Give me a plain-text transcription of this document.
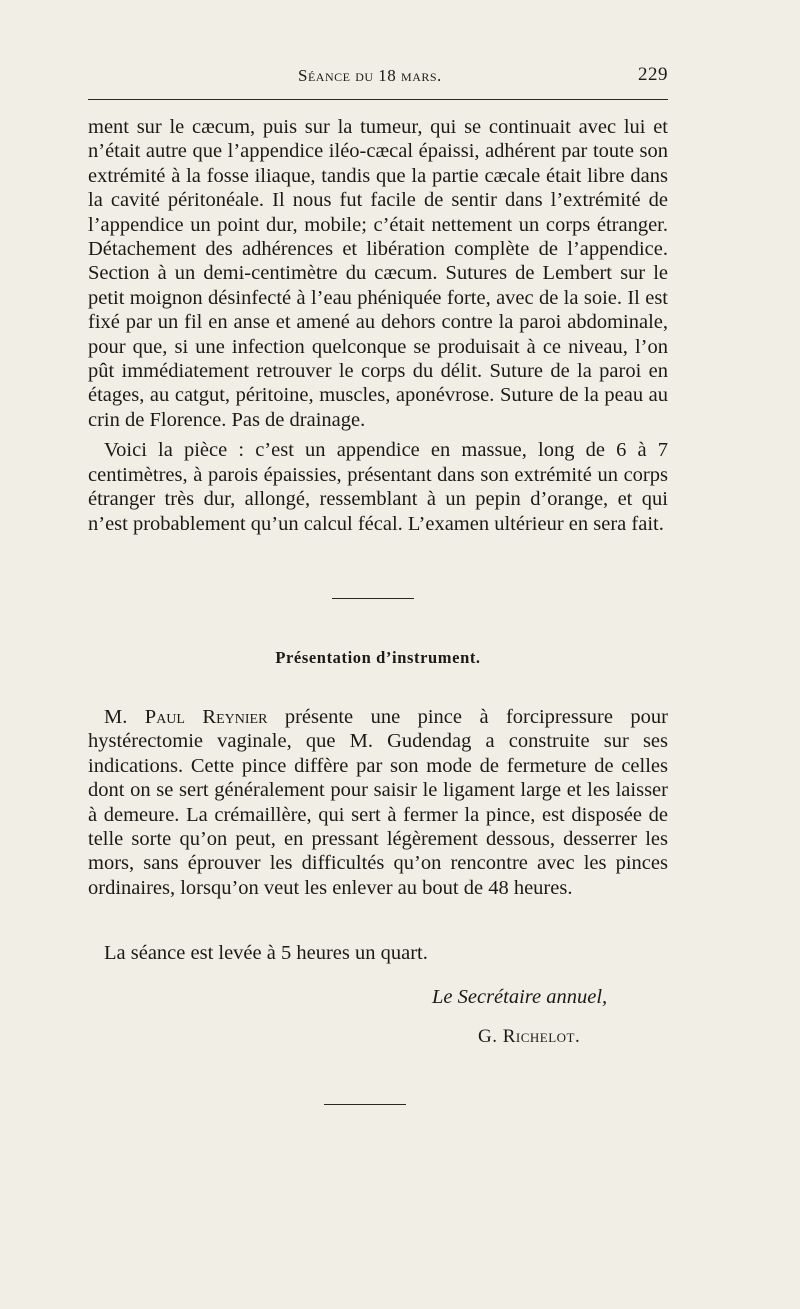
Séance du 18 mars.	229

ment sur le cæcum, puis sur la tumeur, qui se continuait avec lui et n’était autre que l’appendice iléo-cæcal épaissi, adhérent par toute son extrémité à la fosse iliaque, tandis que la partie cæcale était libre dans la cavité péritonéale. Il nous fut facile de sentir dans l’extrémité de l’appendice un point dur, mobile; c’était nettement un corps étranger. Détachement des adhérences et libération complète de l’appendice. Section à un demi-centimètre du cæcum. Sutures de Lembert sur le petit moignon désinfecté à l’eau phéniquée forte, avec de la soie. Il est fixé par un fil en anse et amené au dehors contre la paroi abdominale, pour que, si une infection quelconque se produisait à ce niveau, l’on pût immédiatement retrouver le corps du délit. Suture de la paroi en étages, au catgut, péritoine, muscles, aponévrose. Suture de la peau au crin de Florence. Pas de drainage.

Voici la pièce : c’est un appendice en massue, long de 6 à 7 centimètres, à parois épaissies, présentant dans son extrémité un corps étranger très dur, allongé, ressemblant à un pepin d’orange, et qui n’est probablement qu’un calcul fécal. L’examen ultérieur en sera fait.

Présentation d’instrument.

M. Paul Reynier présente une pince à forcipressure pour hystérectomie vaginale, que M. Gudendag a construite sur ses indications. Cette pince diffère par son mode de fermeture de celles dont on se sert généralement pour saisir le ligament large et les laisser à demeure. La crémaillère, qui sert à fermer la pince, est disposée de telle sorte qu’on peut, en pressant légèrement dessous, desserrer les mors, sans éprouver les difficultés qu’on rencontre avec les pinces ordinaires, lorsqu’on veut les enlever au bout de 48 heures.

La séance est levée à 5 heures un quart.
Le Secrétaire annuel,
G. Richelot.
